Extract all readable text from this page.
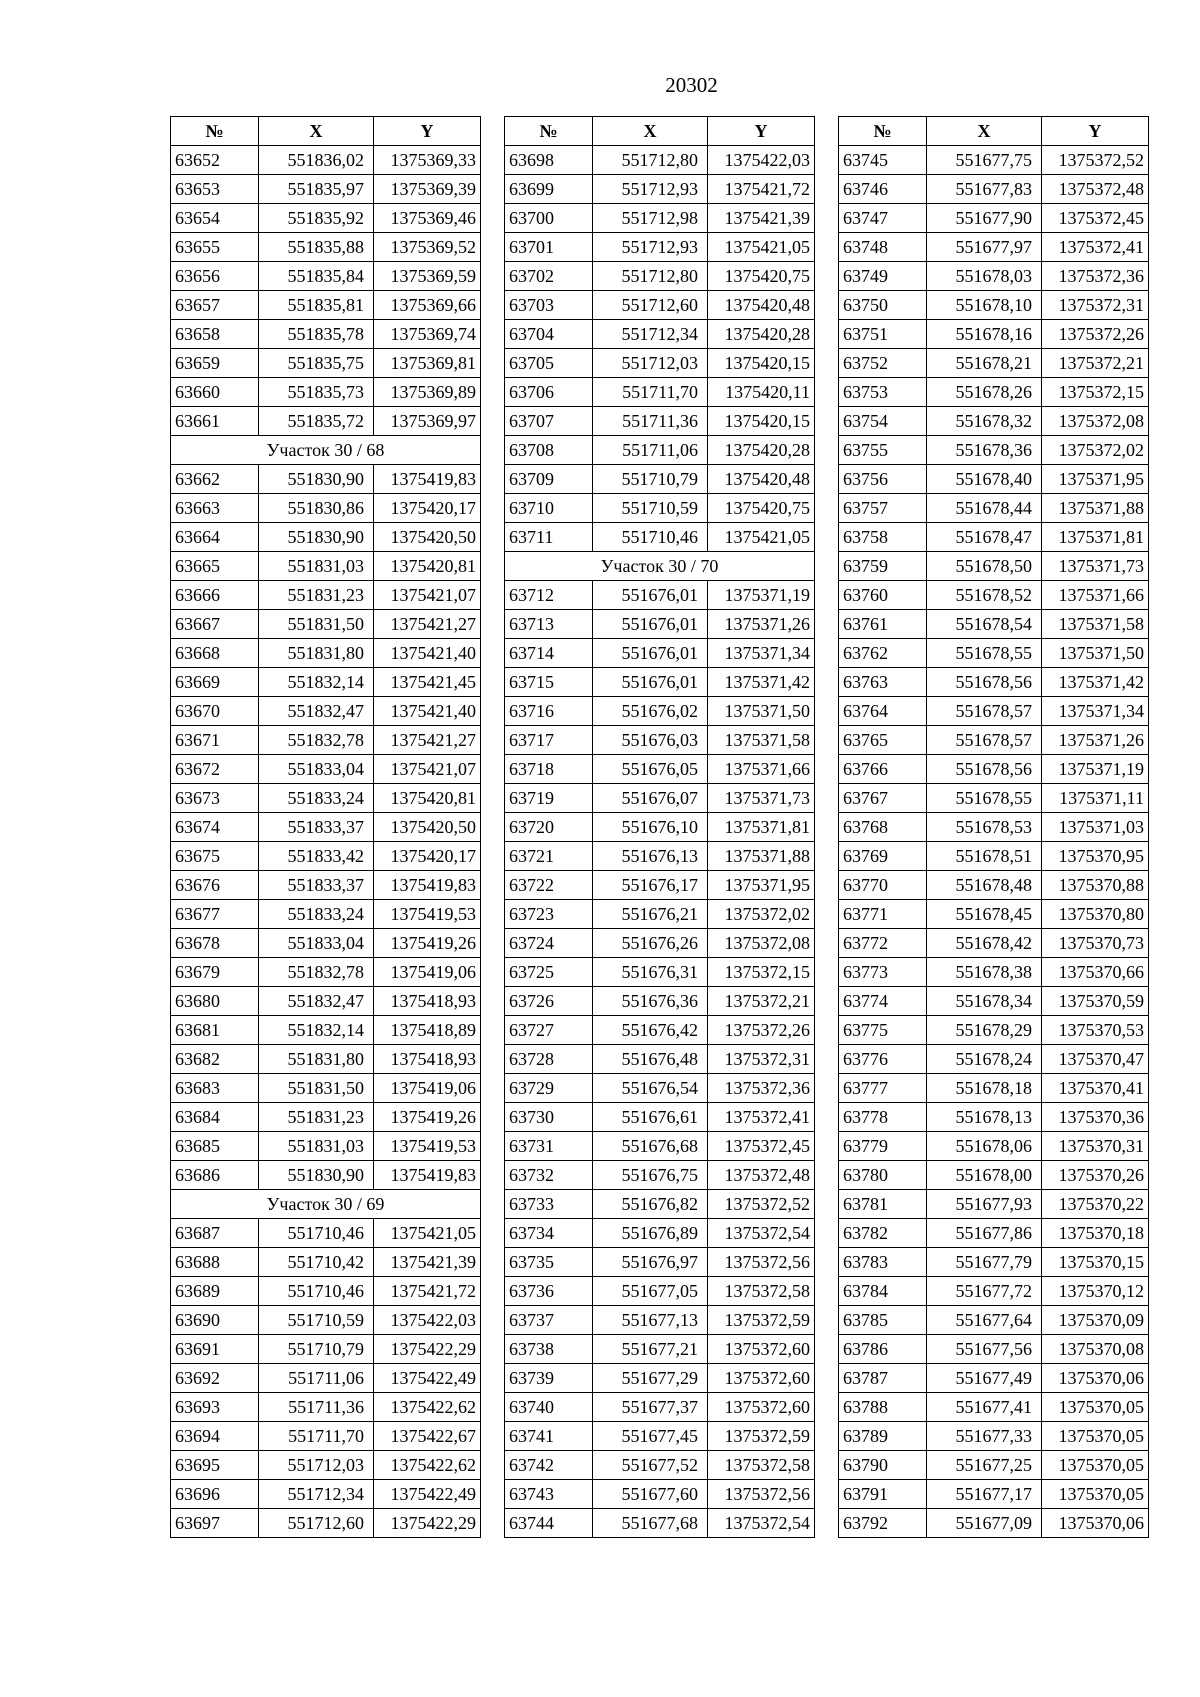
20302
№	X	Y
63652	551836,02	1375369,33
63653	551835,97	1375369,39
63654	551835,92	1375369,46
63655	551835,88	1375369,52
63656	551835,84	1375369,59
63657	551835,81	1375369,66
63658	551835,78	1375369,74
63659	551835,75	1375369,81
63660	551835,73	1375369,89
63661	551835,72	1375369,97
Участок 30 / 68		
63662	551830,90	1375419,83
63663	551830,86	1375420,17
63664	551830,90	1375420,50
63665	551831,03	1375420,81
63666	551831,23	1375421,07
63667	551831,50	1375421,27
63668	551831,80	1375421,40
63669	551832,14	1375421,45
63670	551832,47	1375421,40
63671	551832,78	1375421,27
63672	551833,04	1375421,07
63673	551833,24	1375420,81
63674	551833,37	1375420,50
63675	551833,42	1375420,17
63676	551833,37	1375419,83
63677	551833,24	1375419,53
63678	551833,04	1375419,26
63679	551832,78	1375419,06
63680	551832,47	1375418,93
63681	551832,14	1375418,89
63682	551831,80	1375418,93
63683	551831,50	1375419,06
63684	551831,23	1375419,26
63685	551831,03	1375419,53
63686	551830,90	1375419,83
Участок 30 / 69		
63687	551710,46	1375421,05
63688	551710,42	1375421,39
63689	551710,46	1375421,72
63690	551710,59	1375422,03
63691	551710,79	1375422,29
63692	551711,06	1375422,49
63693	551711,36	1375422,62
63694	551711,70	1375422,67
63695	551712,03	1375422,62
63696	551712,34	1375422,49
63697	551712,60	1375422,29
№	X	Y
63698	551712,80	1375422,03
63699	551712,93	1375421,72
63700	551712,98	1375421,39
63701	551712,93	1375421,05
63702	551712,80	1375420,75
63703	551712,60	1375420,48
63704	551712,34	1375420,28
63705	551712,03	1375420,15
63706	551711,70	1375420,11
63707	551711,36	1375420,15
63708	551711,06	1375420,28
63709	551710,79	1375420,48
63710	551710,59	1375420,75
63711	551710,46	1375421,05
Участок 30 / 70		
63712	551676,01	1375371,19
63713	551676,01	1375371,26
63714	551676,01	1375371,34
63715	551676,01	1375371,42
63716	551676,02	1375371,50
63717	551676,03	1375371,58
63718	551676,05	1375371,66
63719	551676,07	1375371,73
63720	551676,10	1375371,81
63721	551676,13	1375371,88
63722	551676,17	1375371,95
63723	551676,21	1375372,02
63724	551676,26	1375372,08
63725	551676,31	1375372,15
63726	551676,36	1375372,21
63727	551676,42	1375372,26
63728	551676,48	1375372,31
63729	551676,54	1375372,36
63730	551676,61	1375372,41
63731	551676,68	1375372,45
63732	551676,75	1375372,48
63733	551676,82	1375372,52
63734	551676,89	1375372,54
63735	551676,97	1375372,56
63736	551677,05	1375372,58
63737	551677,13	1375372,59
63738	551677,21	1375372,60
63739	551677,29	1375372,60
63740	551677,37	1375372,60
63741	551677,45	1375372,59
63742	551677,52	1375372,58
63743	551677,60	1375372,56
63744	551677,68	1375372,54
№	X	Y
63745	551677,75	1375372,52
63746	551677,83	1375372,48
63747	551677,90	1375372,45
63748	551677,97	1375372,41
63749	551678,03	1375372,36
63750	551678,10	1375372,31
63751	551678,16	1375372,26
63752	551678,21	1375372,21
63753	551678,26	1375372,15
63754	551678,32	1375372,08
63755	551678,36	1375372,02
63756	551678,40	1375371,95
63757	551678,44	1375371,88
63758	551678,47	1375371,81
63759	551678,50	1375371,73
63760	551678,52	1375371,66
63761	551678,54	1375371,58
63762	551678,55	1375371,50
63763	551678,56	1375371,42
63764	551678,57	1375371,34
63765	551678,57	1375371,26
63766	551678,56	1375371,19
63767	551678,55	1375371,11
63768	551678,53	1375371,03
63769	551678,51	1375370,95
63770	551678,48	1375370,88
63771	551678,45	1375370,80
63772	551678,42	1375370,73
63773	551678,38	1375370,66
63774	551678,34	1375370,59
63775	551678,29	1375370,53
63776	551678,24	1375370,47
63777	551678,18	1375370,41
63778	551678,13	1375370,36
63779	551678,06	1375370,31
63780	551678,00	1375370,26
63781	551677,93	1375370,22
63782	551677,86	1375370,18
63783	551677,79	1375370,15
63784	551677,72	1375370,12
63785	551677,64	1375370,09
63786	551677,56	1375370,08
63787	551677,49	1375370,06
63788	551677,41	1375370,05
63789	551677,33	1375370,05
63790	551677,25	1375370,05
63791	551677,17	1375370,05
63792	551677,09	1375370,06
